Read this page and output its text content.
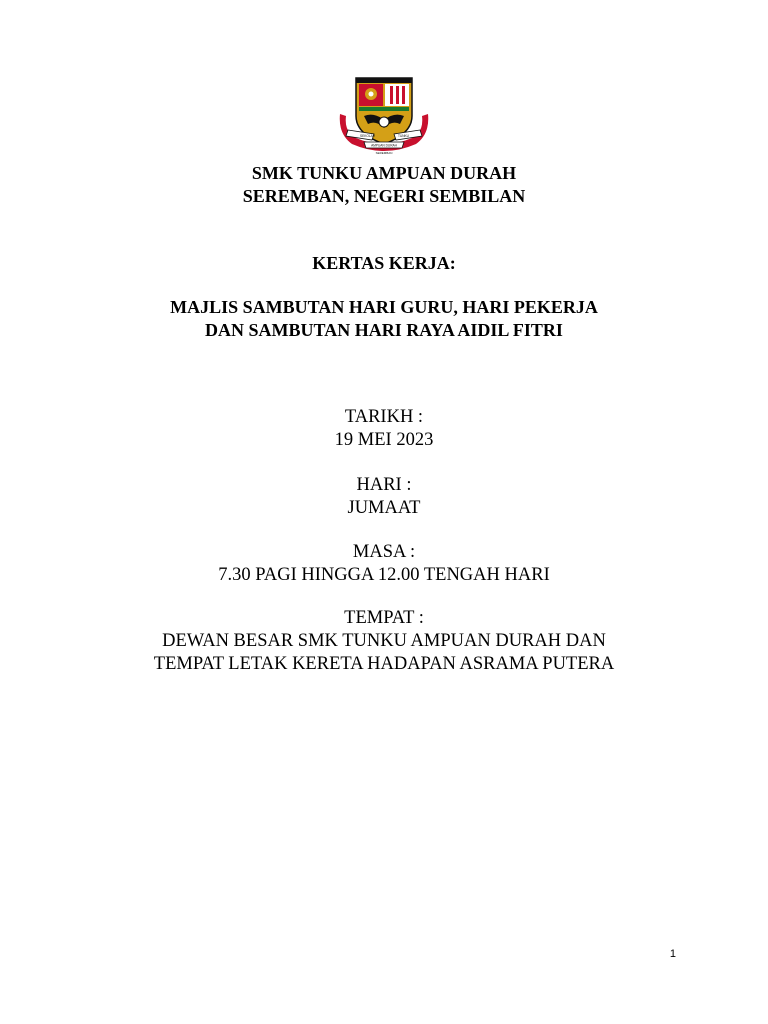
SEKOLAH	TUNKU
AMPUAN DURAH
SEREMBAN
SMK TUNKU AMPUAN DURAH
SEREMBAN, NEGERI SEMBILAN
KERTAS KERJA:
MAJLIS SAMBUTAN HARI GURU, HARI PEKERJA
DAN SAMBUTAN HARI RAYA AIDIL FITRI
TARIKH :
19 MEI 2023
HARI :
JUMAAT
MASA :
7.30 PAGI HINGGA 12.00 TENGAH HARI
TEMPAT :
DEWAN BESAR SMK TUNKU AMPUAN DURAH DAN
TEMPAT LETAK KERETA HADAPAN ASRAMA PUTERA
1
